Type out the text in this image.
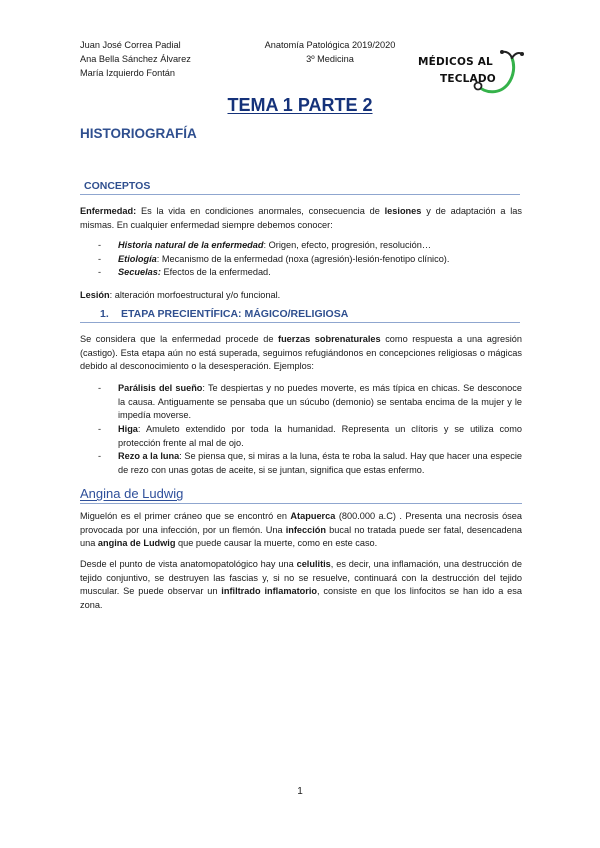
Juan José Correa Padial
Ana Bella Sánchez Álvarez
María Izquierdo Fontán
Anatomía Patológica 2019/2020
3º Medicina	MÉDICOS AL
TECLADO
TEMA 1 PARTE 2
HISTORIOGRAFÍA
CONCEPTOS
Enfermedad: Es la vida en condiciones anormales, consecuencia de lesiones y de adaptación a las mismas. En cualquier enfermedad siempre debemos conocer:
- Historia natural de la enfermedad: Origen, efecto, progresión, resolución…
- Etiología: Mecanismo de la enfermedad (noxa (agresión)-lesión-fenotipo clínico).
- Secuelas: Efectos de la enfermedad.
Lesión: alteración morfoestructural y/o funcional.
1. ETAPA PRECIENTÍFICA: MÁGICO/RELIGIOSA
Se considera que la enfermedad procede de fuerzas sobrenaturales como respuesta a una agresión (castigo). Esta etapa aún no está superada, seguimos refugiándonos en concepciones religiosas o mágicas debido al desconocimiento o la desesperación. Ejemplos:
- Parálisis del sueño: Te despiertas y no puedes moverte, es más típica en chicas. Se desconoce la causa. Antiguamente se pensaba que un súcubo (demonio) se sentaba encima de la mujer y le impedía moverse.
- Higa: Amuleto extendido por toda la humanidad. Representa un clítoris y se utiliza como protección frente al mal de ojo.
- Rezo a la luna: Se piensa que, si miras a la luna, ésta te roba la salud. Hay que hacer una especie de rezo con unas gotas de aceite, si se juntan, significa que estas enfermo.
Angina de Ludwig
Miguelón es el primer cráneo que se encontró en Atapuerca (800.000 a.C) . Presenta una necrosis ósea provocada por una infección, por un flemón. Una infección bucal no tratada puede ser fatal, desencadena una angina de Ludwig que puede causar la muerte, como en este caso.
Desde el punto de vista anatomopatológico hay una celulitis, es decir, una inflamación, una destrucción de tejido conjuntivo, se destruyen las fascias y, si no se resuelve, continuará con la destrucción del tejido muscular. Se puede observar un infiltrado inflamatorio, consiste en que los linfocitos se han ido a esa zona.
1
